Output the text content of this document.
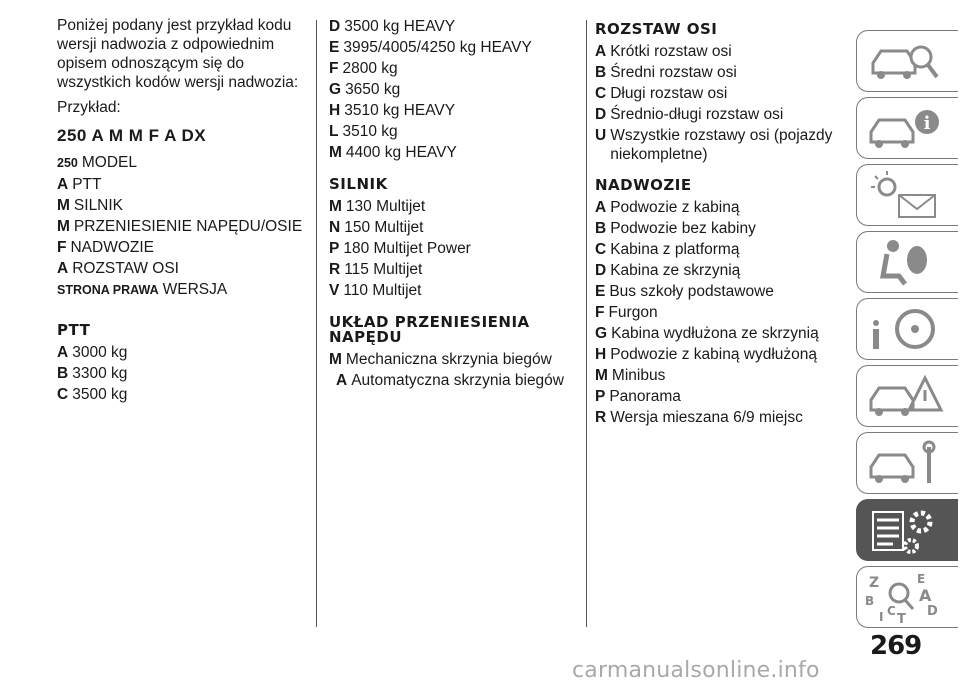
Poniżej podany jest przykład kodu wersji nadwozia z odpowiednim opisem odnoszącym się do wszystkich kodów wersji nadwozia:

Przykład:

250 A M M F A DX

250 MODEL
A PTT
M SILNIK
M PRZENIESIENIE NAPĘDU/OSIE
F NADWOZIE
A ROZSTAW OSI
STRONA PRAWA WERSJA
PTT
A 3000 kg
B 3300 kg
C 3500 kg
D 3500 kg HEAVY
E 3995/4005/4250 kg HEAVY
F 2800 kg
G 3650 kg
H 3510 kg HEAVY
L 3510 kg
M 4400 kg HEAVY
SILNIK
M 130 Multijet
N 150 Multijet
P 180 Multijet Power
R 115 Multijet
V 110 Multijet
UKŁAD PRZENIESIENIA
NAPĘDU
M Mechaniczna skrzynia biegów
A Automatyczna skrzynia biegów
ROZSTAW OSI
A Krótki rozstaw osi
B Średni rozstaw osi
C Długi rozstaw osi
D Średnio-długi rozstaw osi
U Wszystkie rozstawy osi (pojazdy niekompletne)
NADWOZIE
A Podwozie z kabiną
B Podwozie bez kabiny
C Kabina z platformą
D Kabina ze skrzynią
E Bus szkoły podstawowe
F Furgon
G Kabina wydłużona ze skrzynią
H Podwozie z kabiną wydłużoną
M Minibus
P Panorama
R Wersja mieszana 6/9 miejsc
i
Z	E
A
B
C D
T
I
269
carmanualsonline.info
